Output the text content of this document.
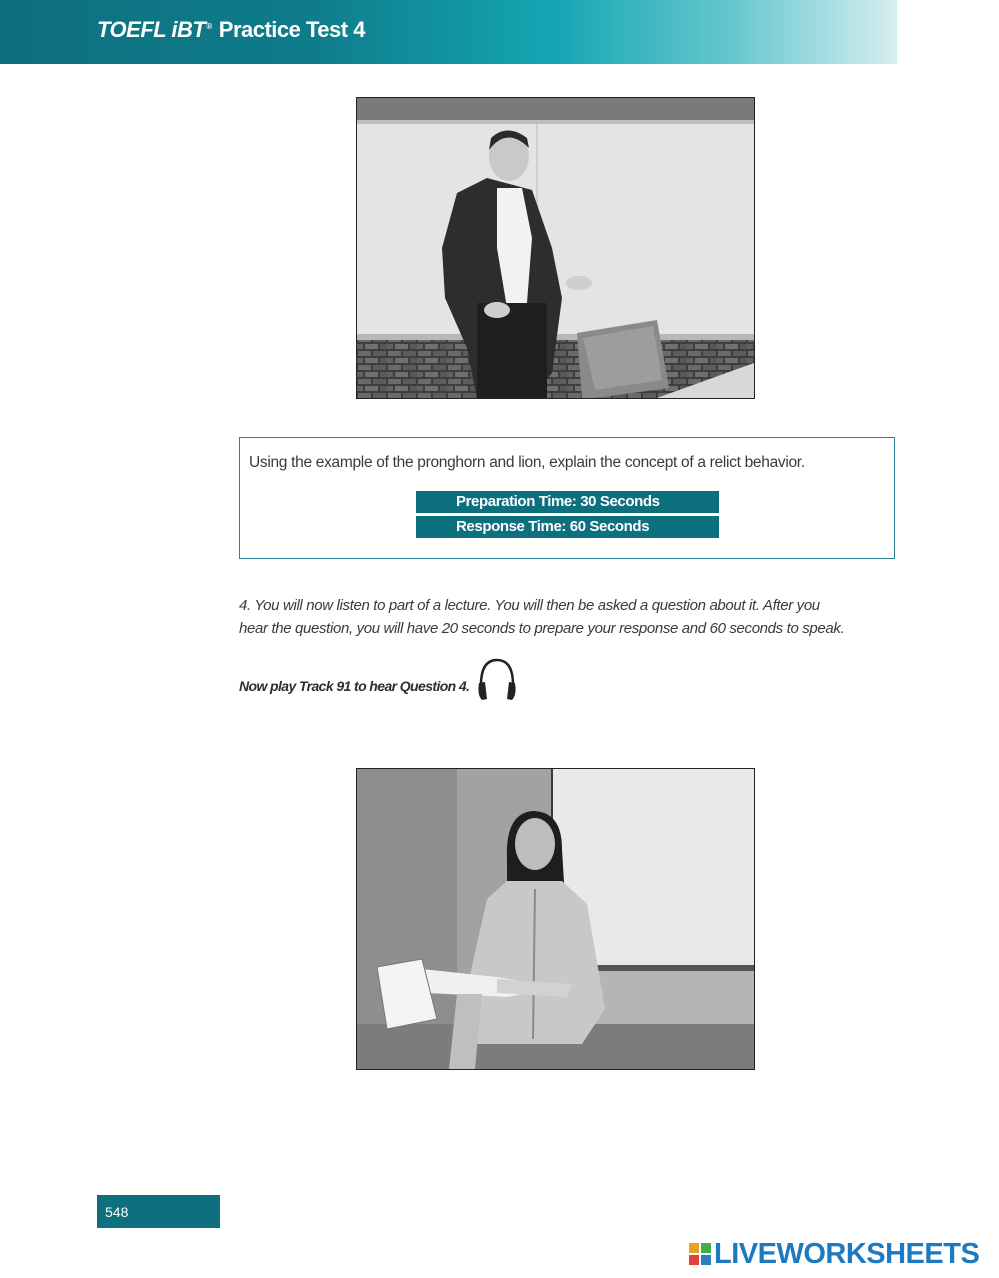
TOEFL iBT® Practice Test 4
Using the example of the pronghorn and lion, explain the concept of a relict behavior.
Preparation Time: 30 Seconds
Response Time: 60 Seconds
4. You will now listen to part of a lecture. You will then be asked a question about it. After you
hear the question, you will have 20 seconds to prepare your response and 60 seconds to speak.
Now play Track 91 to hear Question 4.
548
LIVEWORKSHEETS
